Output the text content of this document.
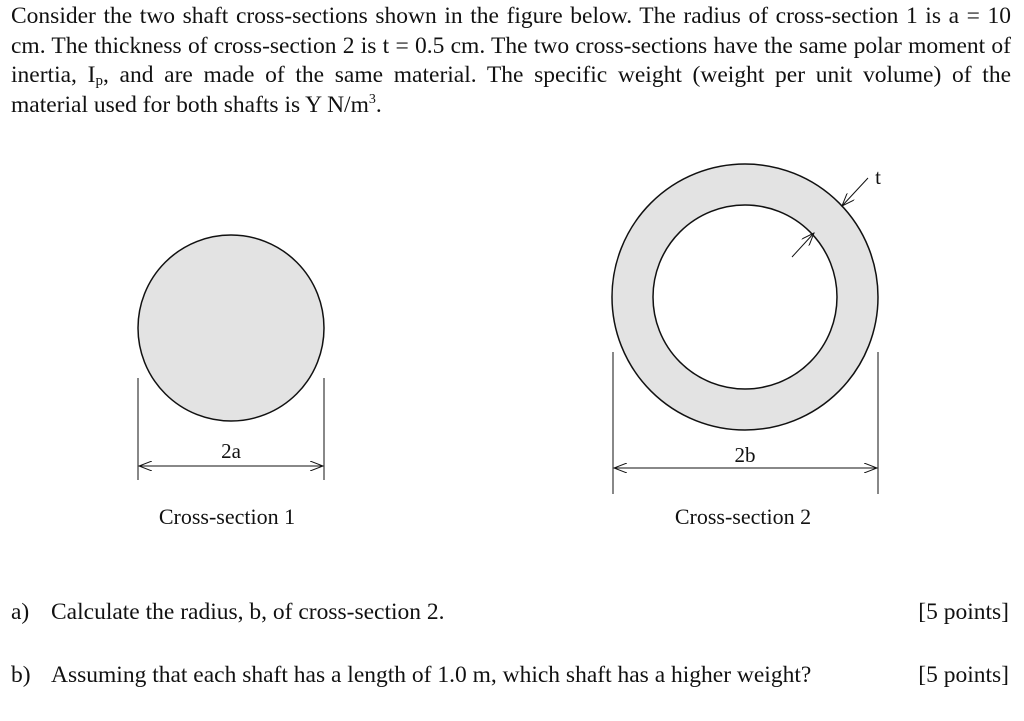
Consider the two shaft cross-sections shown in the figure below. The radius of cross-section 1 is a = 10 cm. The thickness of cross-section 2 is t = 0.5 cm. The two cross-sections have the same polar moment of inertia, $I_p$, and are made of the same material. The specific weight (weight per unit volume) of the material used for both shafts is Y $N/m^3$.
2a
Cross-section 1
2b
Cross-section 2
t
a) Calculate the radius, b, of cross-section 2.	[5 points]
b) Assuming that each shaft has a length of 1.0 m, which shaft has a higher weight?	[5 points]
